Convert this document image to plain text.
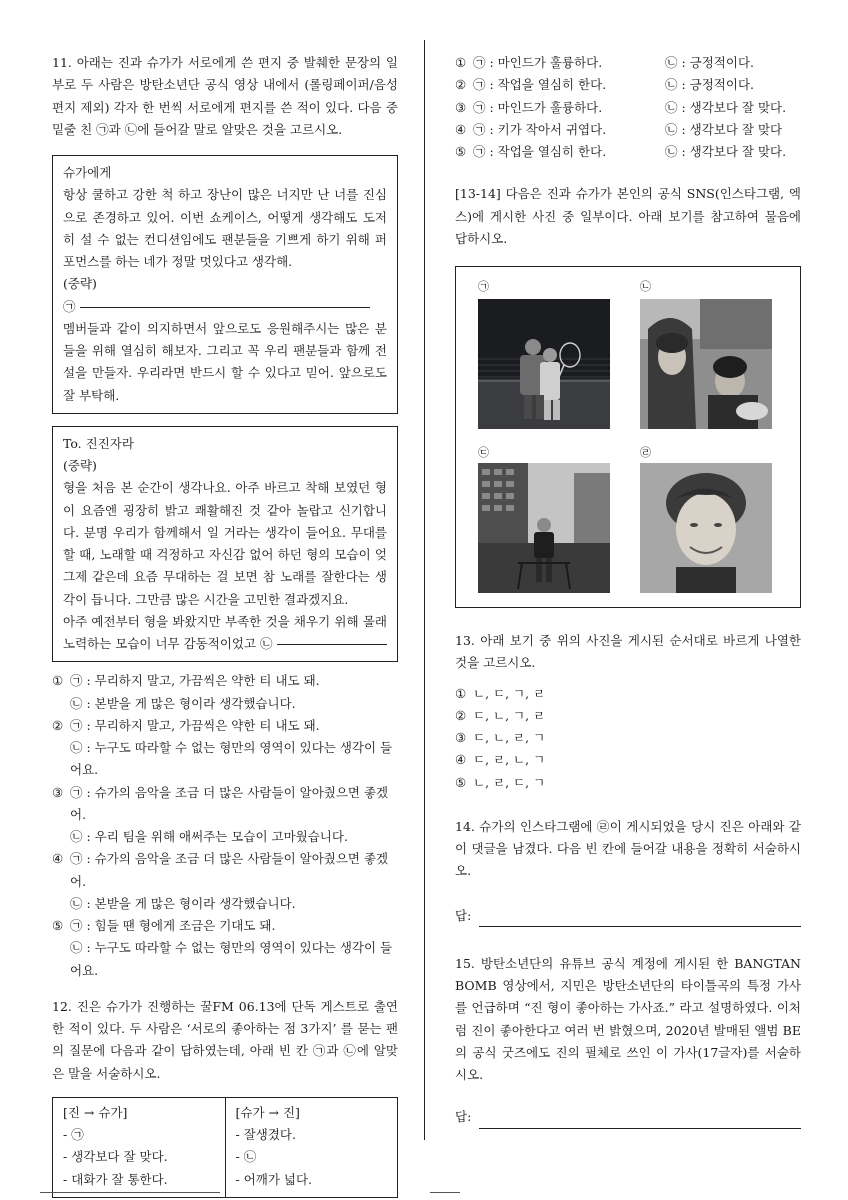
11. 아래는 진과 슈가가 서로에게 쓴 편지 중 발췌한 문장의 일부로 두 사람은 방탄소년단 공식 영상 내에서 (롤링페이퍼/음성편지 제외) 각자 한 번씩 서로에게 편지를 쓴 적이 있다. 다음 중 밑줄 친 ㉠과 ㉡에 들어갈 말로 알맞은 것을 고르시오.

슈가에게

항상 쿨하고 강한 척 하고 장난이 많은 너지만 난 너를 진심으로 존경하고 있어. 이번 쇼케이스, 어떻게 생각해도 도저히 설 수 없는 컨디션임에도 팬분들을 기쁘게 하기 위해 퍼포먼스를 하는 네가 정말 멋있다고 생각해.

(중략)

㉠

멤버들과 같이 의지하면서 앞으로도 응원해주시는 많은 분들을 위해 열심히 해보자. 그리고 꼭 우리 팬분들과 함께 전설을 만들자. 우리라면 반드시 할 수 있다고 믿어. 앞으로도 잘 부탁해.

To. 진진자라

(중략)

형을 처음 본 순간이 생각나요. 아주 바르고 착해 보였던 형이 요즘엔 굉장히 밝고 쾌활해진 것 같아 놀랍고 신기합니다. 분명 우리가 함께해서 일 거라는 생각이 들어요. 무대를 할 때, 노래할 때 걱정하고 자신감 없어 하던 형의 모습이 엊그제 같은데 요즘 무대하는 걸 보면 참 노래를 잘한다는 생각이 듭니다. 그만큼 많은 시간을 고민한 결과겠지요.

아주 예전부터 형을 봐왔지만 부족한 것을 채우기 위해 몰래 노력하는 모습이 너무 감동적이었고 ㉡

① ㉠ : 무리하지 말고, 가끔씩은 약한 티 내도 돼.
㉡ : 본받을 게 많은 형이라 생각했습니다.
② ㉠ : 무리하지 말고, 가끔씩은 약한 티 내도 돼.
㉡ : 누구도 따라할 수 없는 형만의 영역이 있다는 생각이 들어요.
③ ㉠ : 슈가의 음악을 조금 더 많은 사람들이 알아줬으면 좋겠어.
㉡ : 우리 팀을 위해 애써주는 모습이 고마웠습니다.
④ ㉠ : 슈가의 음악을 조금 더 많은 사람들이 알아줬으면 좋겠어.
㉡ : 본받을 게 많은 형이라 생각했습니다.
⑤ ㉠ : 힘들 땐 형에게 조금은 기대도 돼.
㉡ : 누구도 따라할 수 없는 형만의 영역이 있다는 생각이 들어요.

12. 진은 슈가가 진행하는 꿀FM 06.13에 단독 게스트로 출연한 적이 있다. 두 사람은 ‘서로의 좋아하는 점 3가지’ 를 묻는 팬의 질문에 다음과 같이 답하였는데, 아래 빈 칸 ㉠과 ㉡에 알맞은 말을 서술하시오.

[진 → 슈가]
- ㉠
- 생각보다 잘 맞다.
- 대화가 잘 통한다.
[슈가 → 진]
- 잘생겼다.
- ㉡
- 어깨가 넓다.
① ㉠ : 마인드가 훌륭하다.	㉡ : 긍정적이다.
② ㉠ : 작업을 열심히 한다.	㉡ : 긍정적이다.
③ ㉠ : 마인드가 훌륭하다.	㉡ : 생각보다 잘 맞다.
④ ㉠ : 키가 작아서 귀엽다.	㉡ : 생각보다 잘 맞다
⑤ ㉠ : 작업을 열심히 한다.	㉡ : 생각보다 잘 맞다.

[13-14] 다음은 진과 슈가가 본인의 공식 SNS(인스타그램, 엑스)에 게시한 사진 중 일부이다. 아래 보기를 참고하여 물음에 답하시오.

㉠	㉡
㉢	㉣

13. 아래 보기 중 위의 사진을 게시된 순서대로 바르게 나열한 것을 고르시오.

① ㄴ, ㄷ, ㄱ, ㄹ
② ㄷ, ㄴ, ㄱ, ㄹ
③ ㄷ, ㄴ, ㄹ, ㄱ
④ ㄷ, ㄹ, ㄴ, ㄱ
⑤ ㄴ, ㄹ, ㄷ, ㄱ

14. 슈가의 인스타그램에 ㉣이 게시되었을 당시 진은 아래와 같이 댓글을 남겼다. 다음 빈 칸에 들어갈 내용을 정확히 서술하시오.

답:

15. 방탄소년단의 유튜브 공식 계정에 게시된 한 BANGTAN BOMB 영상에서, 지민은 방탄소년단의 타이틀곡의 특정 가사를 언급하며 “진 형이 좋아하는 가사죠.” 라고 설명하였다. 이처럼 진이 좋아한다고 여러 번 밝혔으며, 2020년 발매된 앨범 BE의 공식 굿즈에도 진의 필체로 쓰인 이 가사(17글자)를 서술하시오.

답:
